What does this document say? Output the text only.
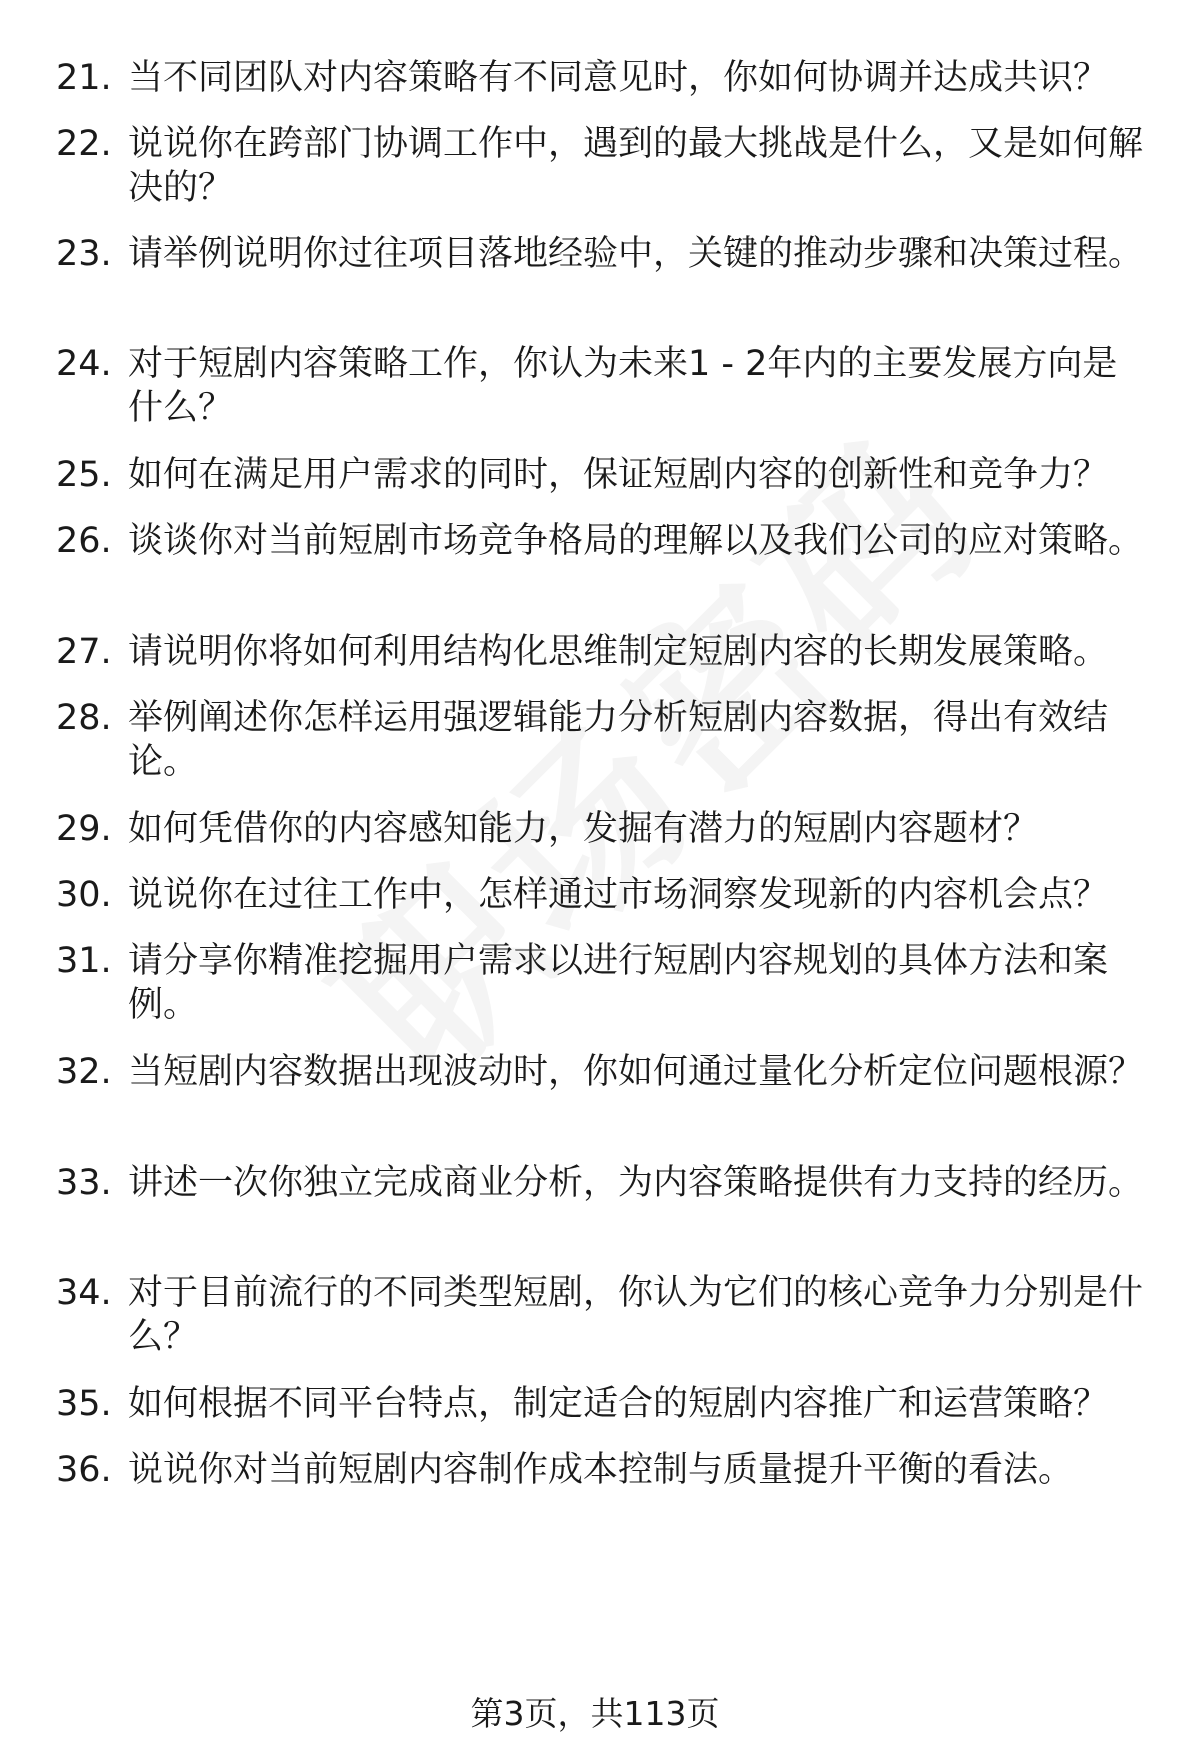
21. 当不同团队对内容策略有不同意见时，你如何协调并达成共识？
22. 说说你在跨部门协调工作中，遇到的最大挑战是什么，又是如何解决的？
23. 请举例说明你过往项目落地经验中，关键的推动步骤和决策过程。
24. 对于短剧内容策略工作，你认为未来1 - 2年内的主要发展方向是什么？
25. 如何在满足用户需求的同时，保证短剧内容的创新性和竞争力？
26. 谈谈你对当前短剧市场竞争格局的理解以及我们公司的应对策略。
27. 请说明你将如何利用结构化思维制定短剧内容的长期发展策略。
28. 举例阐述你怎样运用强逻辑能力分析短剧内容数据，得出有效结论。
29. 如何凭借你的内容感知能力，发掘有潜力的短剧内容题材？
30. 说说你在过往工作中，怎样通过市场洞察发现新的内容机会点？
31. 请分享你精准挖掘用户需求以进行短剧内容规划的具体方法和案例。
32. 当短剧内容数据出现波动时，你如何通过量化分析定位问题根源？
33. 讲述一次你独立完成商业分析，为内容策略提供有力支持的经历。
34. 对于目前流行的不同类型短剧，你认为它们的核心竞争力分别是什么？
35. 如何根据不同平台特点，制定适合的短剧内容推广和运营策略？
36. 说说你对当前短剧内容制作成本控制与质量提升平衡的看法。
第3页，共113页
